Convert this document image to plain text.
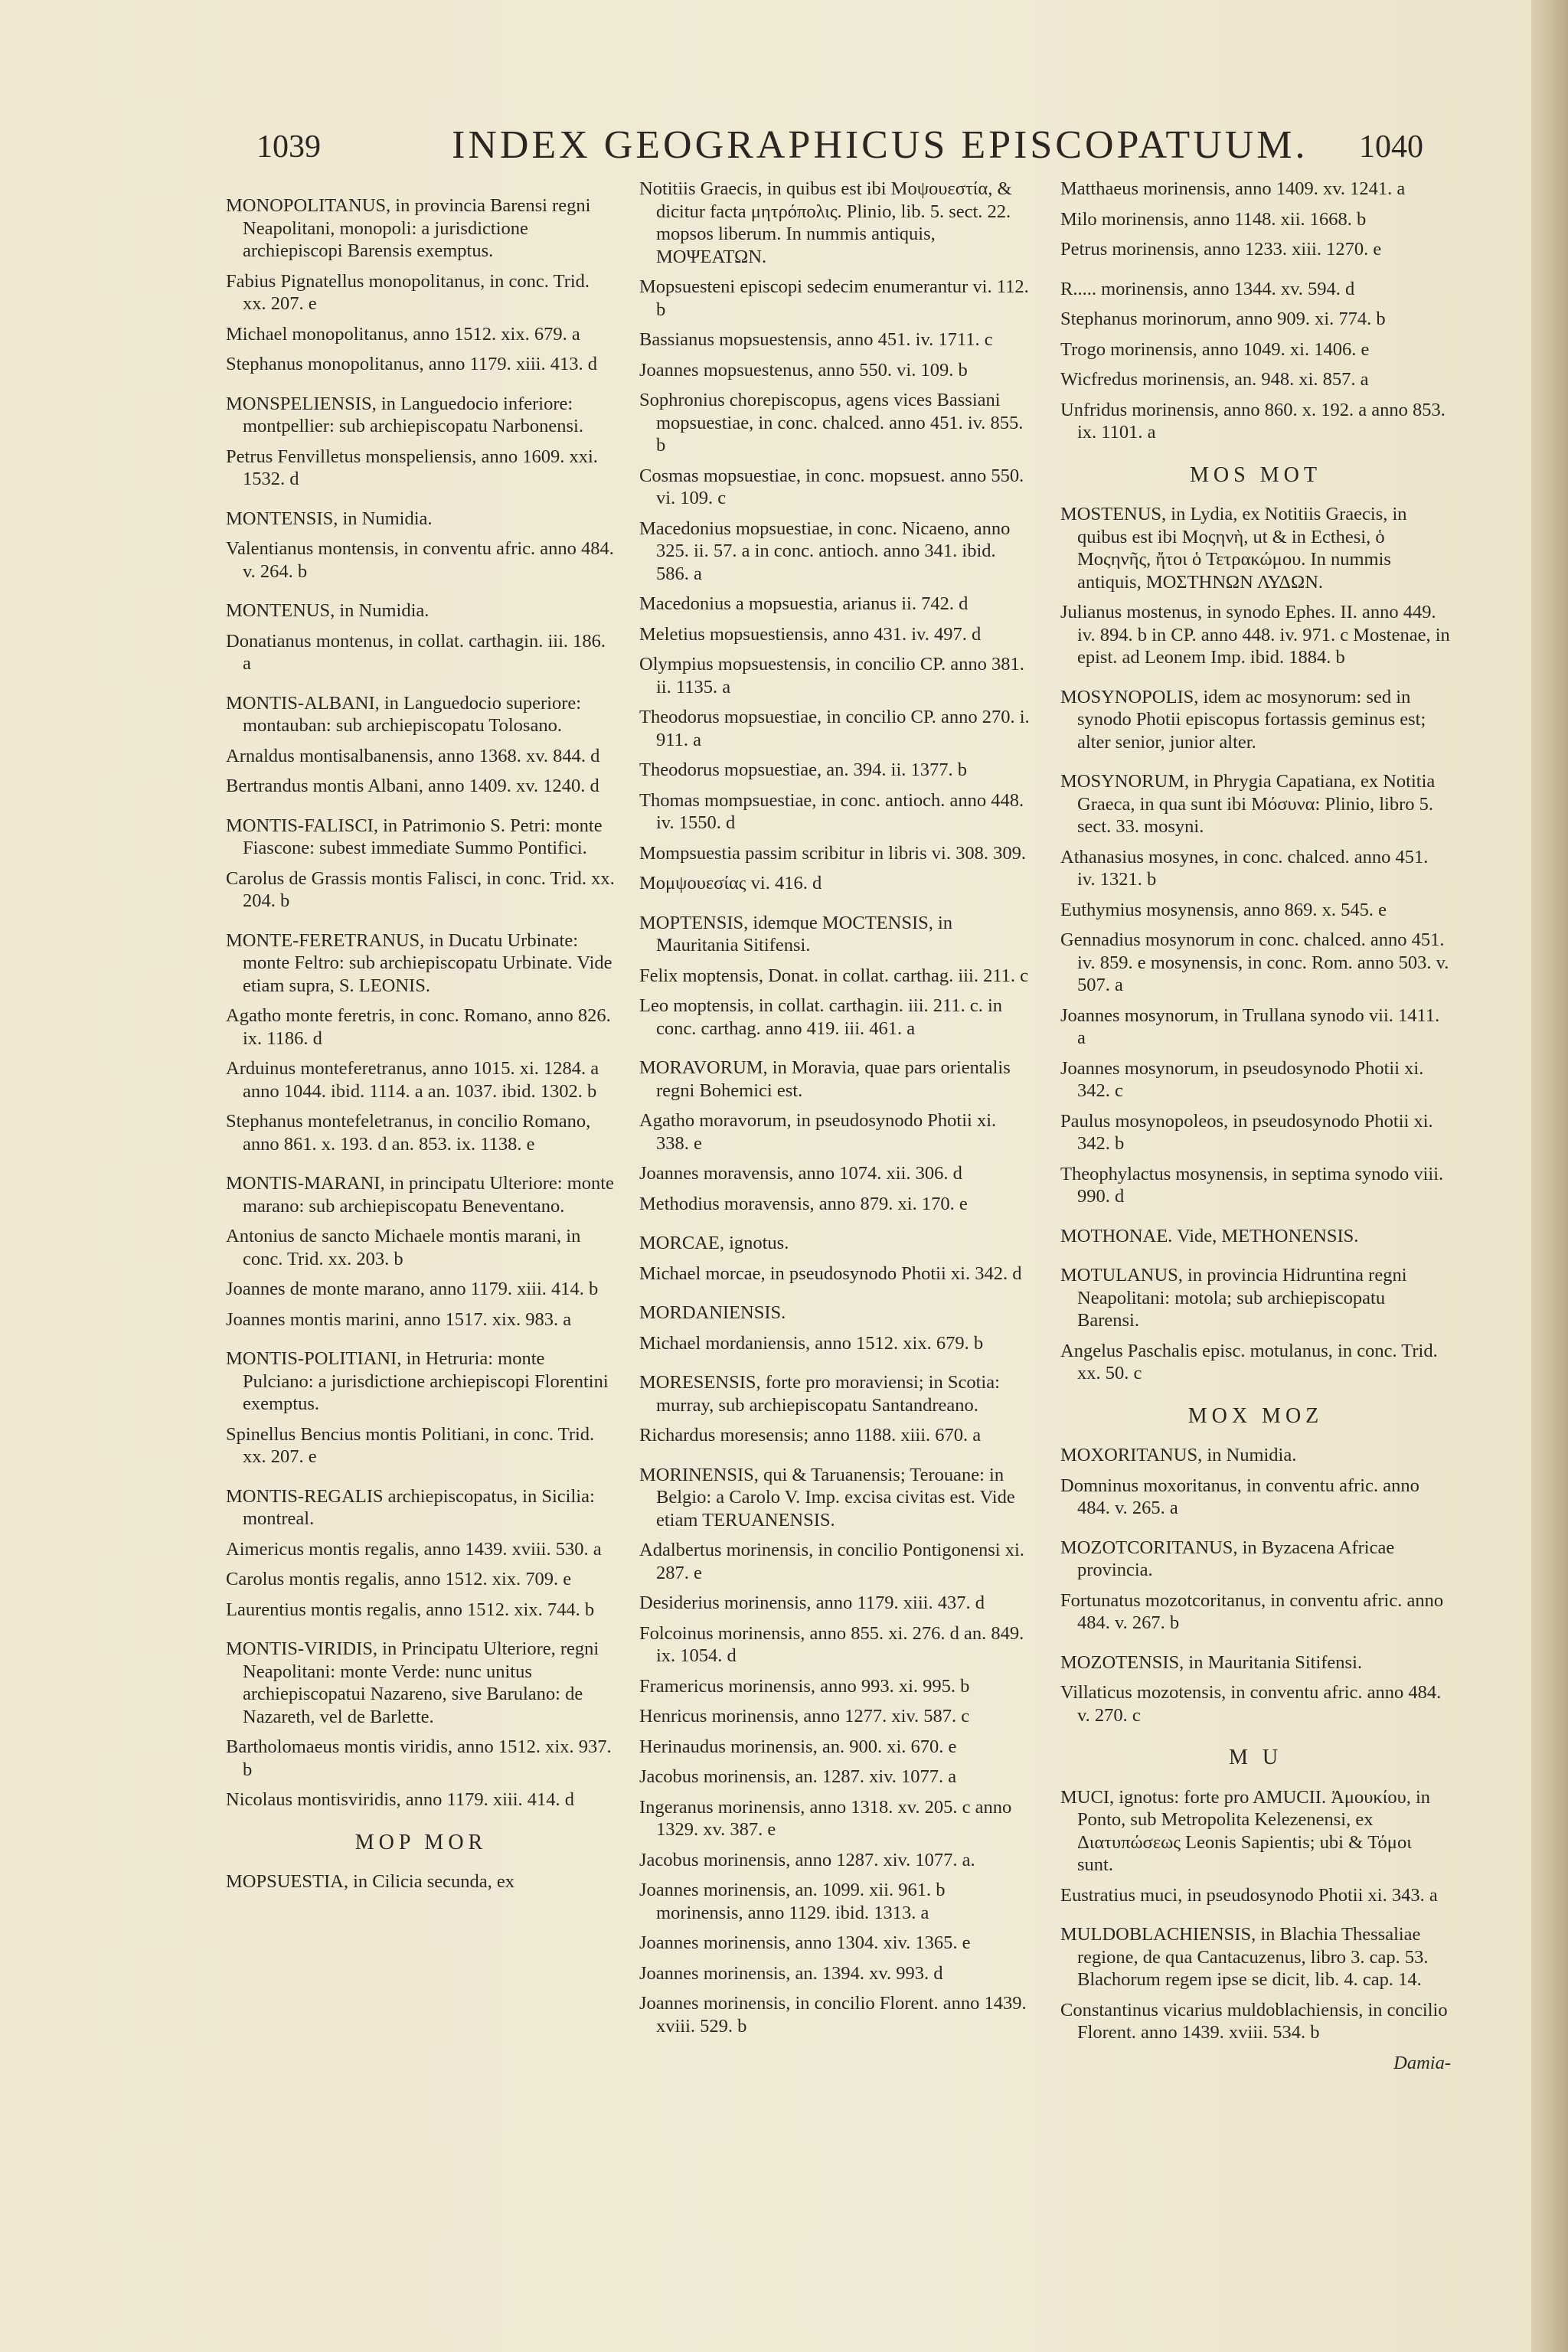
1039	INDEX GEOGRAPHICUS EPISCOPATUUM. 1040
MONOPOLITANUS, in provincia Barensi regni Neapolitani, monopoli: a jurisdictione archiepiscopi Barensis exemptus.
Fabius Pignatellus monopolitanus, in conc. Trid. xx. 207. e
Michael monopolitanus, anno 1512. xix. 679. a
Stephanus monopolitanus, anno 1179. xiii. 413. d
MONSPELIENSIS, in Languedocio inferiore: montpellier: sub archiepiscopatu Narbonensi.
Petrus Fenvilletus monspeliensis, anno 1609. xxi. 1532. d
MONTENSIS, in Numidia.
Valentianus montensis, in conventu afric. anno 484. v. 264. b
MONTENUS, in Numidia.
Donatianus montenus, in collat. carthagin. iii. 186. a
MONTIS-ALBANI, in Languedocio superiore: montauban: sub archiepiscopatu Tolosano.
Arnaldus montisalbanensis, anno 1368. xv. 844. d
Bertrandus montis Albani, anno 1409. xv. 1240. d
MONTIS-FALISCI, in Patrimonio S. Petri: monte Fiascone: subest immediate Summo Pontifici.
Carolus de Grassis montis Falisci, in conc. Trid. xx. 204. b
MONTE-FERETRANUS, in Ducatu Urbinate: monte Feltro: sub archiepiscopatu Urbinate. Vide etiam supra, S. LEONIS.
Agatho monte feretris, in conc. Romano, anno 826. ix. 1186. d
Arduinus monteferetranus, anno 1015. xi. 1284. a anno 1044. ibid. 1114. a an. 1037. ibid. 1302. b
Stephanus montefeletranus, in concilio Romano, anno 861. x. 193. d an. 853. ix. 1138. e
MONTIS-MARANI, in principatu Ulteriore: monte marano: sub archiepiscopatu Beneventano.
Antonius de sancto Michaele montis marani, in conc. Trid. xx. 203. b
Joannes de monte marano, anno 1179. xiii. 414. b
Joannes montis marini, anno 1517. xix. 983. a
MONTIS-POLITIANI, in Hetruria: monte Pulciano: a jurisdictione archiepiscopi Florentini exemptus.
Spinellus Bencius montis Politiani, in conc. Trid. xx. 207. e
MONTIS-REGALIS archiepiscopatus, in Sicilia: montreal.
Aimericus montis regalis, anno 1439. xviii. 530. a
Carolus montis regalis, anno 1512. xix. 709. e
Laurentius montis regalis, anno 1512. xix. 744. b
MONTIS-VIRIDIS, in Principatu Ulteriore, regni Neapolitani: monte Verde: nunc unitus archiepiscopatui Nazareno, sive Barulano: de Nazareth, vel de Barlette.
Bartholomaeus montis viridis, anno 1512. xix. 937. b
Nicolaus montisviridis, anno 1179. xiii. 414. d
MOP MOR
MOPSUESTIA, in Cilicia secunda, ex
Notitiis Graecis, in quibus est ibi Μοψουεστία, & dicitur facta μητρόπολις. Plinio, lib. 5. sect. 22. mopsos liberum. In nummis antiquis, ΜΟΨΕΑΤΩΝ.
Mopsuesteni episcopi sedecim enumerantur vi. 112. b
Bassianus mopsuestensis, anno 451. iv. 1711. c
Joannes mopsuestenus, anno 550. vi. 109. b
Sophronius chorepiscopus, agens vices Bassiani mopsuestiae, in conc. chalced. anno 451. iv. 855. b
Cosmas mopsuestiae, in conc. mopsuest. anno 550. vi. 109. c
Macedonius mopsuestiae, in conc. Nicaeno, anno 325. ii. 57. a in conc. antioch. anno 341. ibid. 586. a
Macedonius a mopsuestia, arianus ii. 742. d
Meletius mopsuestiensis, anno 431. iv. 497. d
Olympius mopsuestensis, in concilio CP. anno 381. ii. 1135. a
Theodorus mopsuestiae, in concilio CP. anno 270. i. 911. a
Theodorus mopsuestiae, an. 394. ii. 1377. b
Thomas mompsuestiae, in conc. antioch. anno 448. iv. 1550. d
Mompsuestia passim scribitur in libris vi. 308. 309.
Μομψουεσίας vi. 416. d
MOPTENSIS, idemque MOCTENSIS, in Mauritania Sitifensi.
Felix moptensis, Donat. in collat. carthag. iii. 211. c
Leo moptensis, in collat. carthagin. iii. 211. c. in conc. carthag. anno 419. iii. 461. a
MORAVORUM, in Moravia, quae pars orientalis regni Bohemici est.
Agatho moravorum, in pseudosynodo Photii xi. 338. e
Joannes moravensis, anno 1074. xii. 306. d
Methodius moravensis, anno 879. xi. 170. e
MORCAE, ignotus.
Michael morcae, in pseudosynodo Photii xi. 342. d
MORDANIENSIS.
Michael mordaniensis, anno 1512. xix. 679. b
MORESENSIS, forte pro moraviensi; in Scotia: murray, sub archiepiscopatu Santandreano.
Richardus moresensis; anno 1188. xiii. 670. a
MORINENSIS, qui & Taruanensis; Terouane: in Belgio: a Carolo V. Imp. excisa civitas est. Vide etiam TERUANENSIS.
Adalbertus morinensis, in concilio Pontigonensi xi. 287. e
Desiderius morinensis, anno 1179. xiii. 437. d
Folcoinus morinensis, anno 855. xi. 276. d an. 849. ix. 1054. d
Framericus morinensis, anno 993. xi. 995. b
Henricus morinensis, anno 1277. xiv. 587. c
Herinaudus morinensis, an. 900. xi. 670. e
Jacobus morinensis, an. 1287. xiv. 1077. a
Ingeranus morinensis, anno 1318. xv. 205. c anno 1329. xv. 387. e
Jacobus morinensis, anno 1287. xiv. 1077. a.
Joannes morinensis, an. 1099. xii. 961. b morinensis, anno 1129. ibid. 1313. a
Joannes morinensis, anno 1304. xiv. 1365. e
Joannes morinensis, an. 1394. xv. 993. d
Joannes morinensis, in concilio Florent. anno 1439. xviii. 529. b
Matthaeus morinensis, anno 1409. xv. 1241. a
Milo morinensis, anno 1148. xii. 1668. b
Petrus morinensis, anno 1233. xiii. 1270. e
R..... morinensis, anno 1344. xv. 594. d
Stephanus morinorum, anno 909. xi. 774. b
Trogo morinensis, anno 1049. xi. 1406. e
Wicfredus morinensis, an. 948. xi. 857. a
Unfridus morinensis, anno 860. x. 192. a anno 853. ix. 1101. a
MOS MOT
MOSTENUS, in Lydia, ex Notitiis Graecis, in quibus est ibi Μοςηνὴ, ut & in Ecthesi, ὁ Μοςηνῆς, ἤτοι ὁ Τετρακώμου. In nummis antiquis, ΜΟΣΤΗΝΩΝ ΛΥΔΩΝ.
Julianus mostenus, in synodo Ephes. II. anno 449. iv. 894. b in CP. anno 448. iv. 971. c Mostenae, in epist. ad Leonem Imp. ibid. 1884. b
MOSYNOPOLIS, idem ac mosynorum: sed in synodo Photii episcopus fortassis geminus est; alter senior, junior alter.
MOSYNORUM, in Phrygia Capatiana, ex Notitia Graeca, in qua sunt ibi Μόσυνα: Plinio, libro 5. sect. 33. mosyni.
Athanasius mosynes, in conc. chalced. anno 451. iv. 1321. b
Euthymius mosynensis, anno 869. x. 545. e
Gennadius mosynorum in conc. chalced. anno 451. iv. 859. e mosynensis, in conc. Rom. anno 503. v. 507. a
Joannes mosynorum, in Trullana synodo vii. 1411. a
Joannes mosynorum, in pseudosynodo Photii xi. 342. c
Paulus mosynopoleos, in pseudosynodo Photii xi. 342. b
Theophylactus mosynensis, in septima synodo viii. 990. d
MOTHONAE. Vide, METHONENSIS.
MOTULANUS, in provincia Hidruntina regni Neapolitani: motola; sub archiepiscopatu Barensi.
Angelus Paschalis episc. motulanus, in conc. Trid. xx. 50. c
MOX MOZ
MOXORITANUS, in Numidia.
Domninus moxoritanus, in conventu afric. anno 484. v. 265. a
MOZOTCORITANUS, in Byzacena Africae provincia.
Fortunatus mozotcoritanus, in conventu afric. anno 484. v. 267. b
MOZOTENSIS, in Mauritania Sitifensi.
Villaticus mozotensis, in conventu afric. anno 484. v. 270. c
M U
MUCI, ignotus: forte pro AMUCII. Ἀμουκίου, in Ponto, sub Metropolita Kelezenensi, ex Διατυπώσεως Leonis Sapientis; ubi & Τόμοι sunt.
Eustratius muci, in pseudosynodo Photii xi. 343. a
MULDOBLACHIENSIS, in Blachia Thessaliae regione, de qua Cantacuzenus, libro 3. cap. 53. Blachorum regem ipse se dicit, lib. 4. cap. 14.
Constantinus vicarius muldoblachiensis, in concilio Florent. anno 1439. xviii. 534. b
Damia-
